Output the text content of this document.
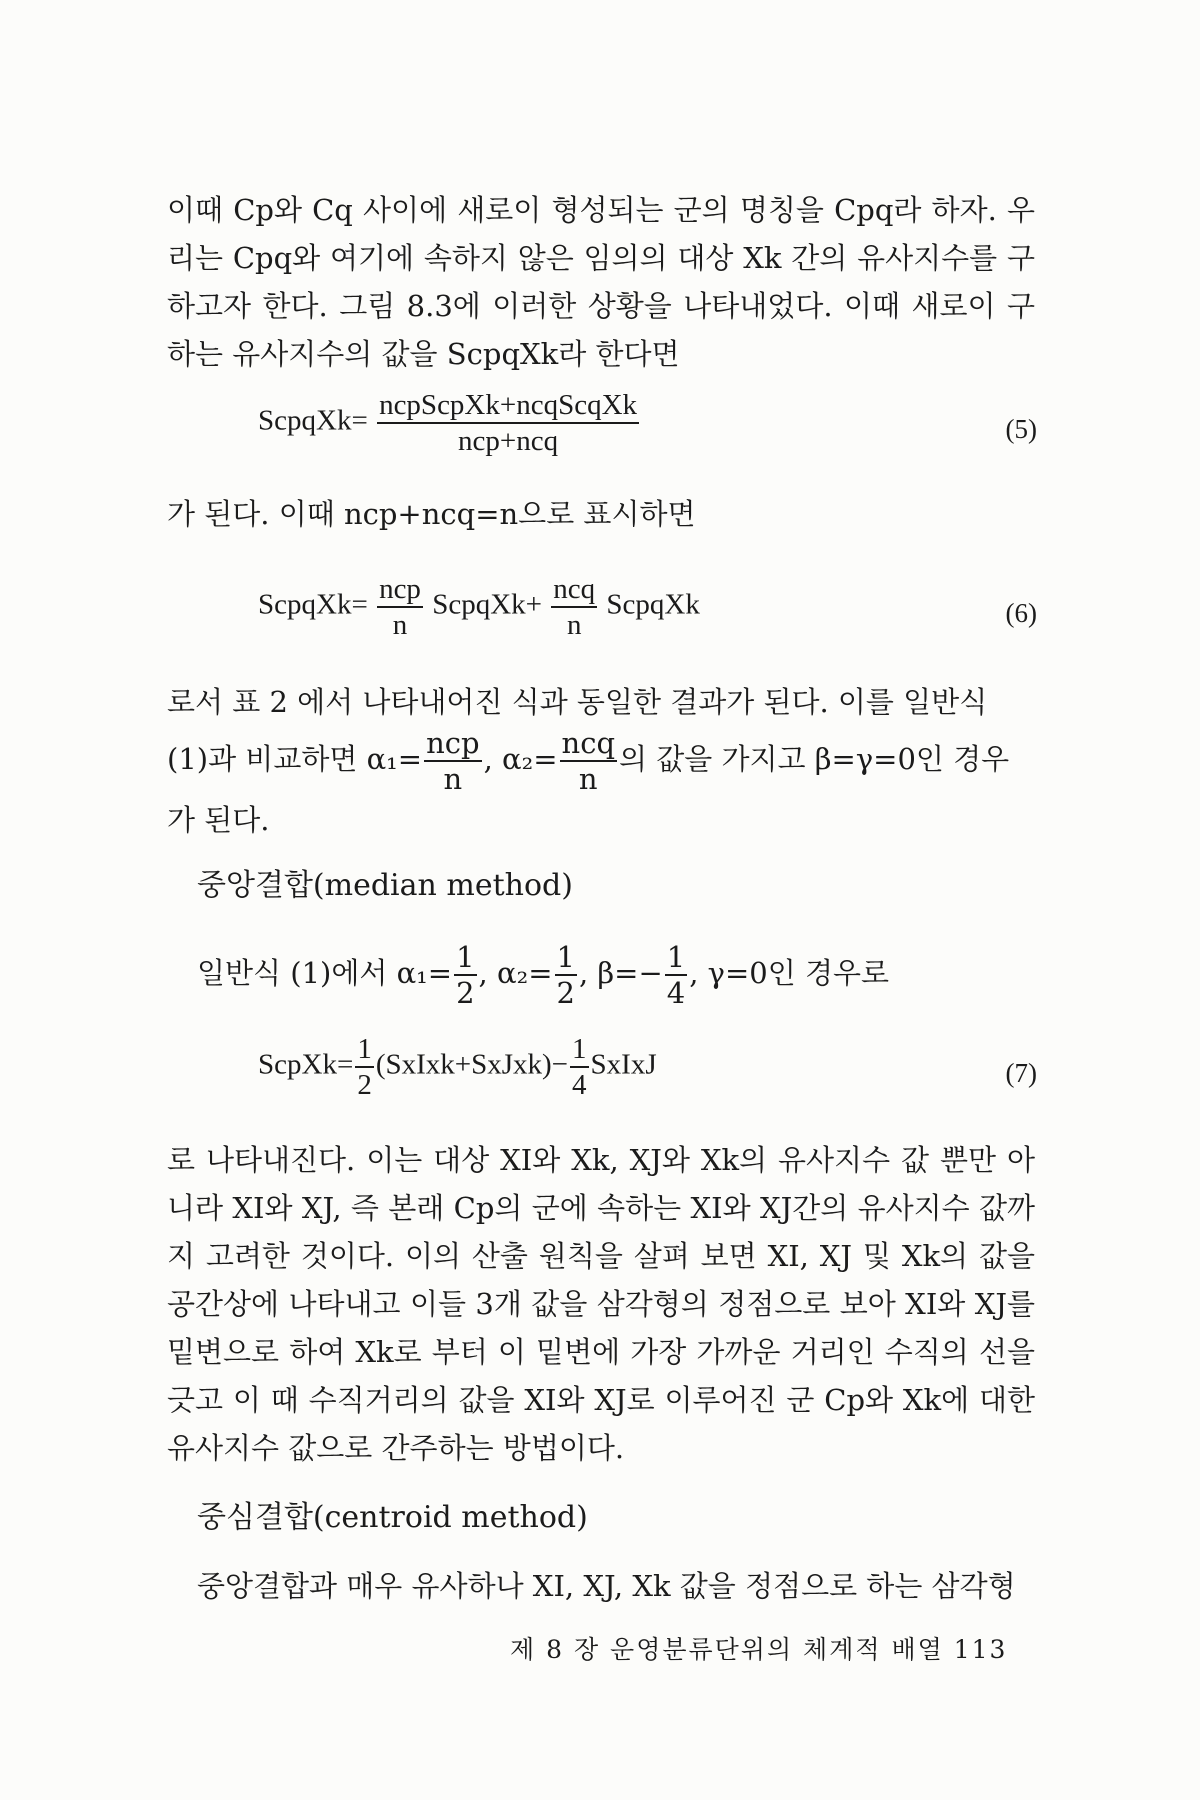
이때 Cp와 Cq 사이에 새로이 형성되는 군의 명칭을 Cpq라 하자. 우리는 Cpq와 여기에 속하지 않은 임의의 대상 Xk 간의 유사지수를 구하고자 한다. 그림 8.3에 이러한 상황을 나타내었다. 이때 새로이 구하는 유사지수의 값을 ScpqXk라 한다면
ScpqXk= $\frac{\text{ncpScpXk+ncqScqXk}}{\text{ncp+ncq}}$	(5)
가 된다. 이때 ncp+ncq=n으로 표시하면
ScpqXk= $\frac{\text{ncp}}{n}$ ScpqXk+ $\frac{\text{ncq}}{n}$ ScpqXk	(6)
로서 표 2 에서 나타내어진 식과 동일한 결과가 된다. 이를 일반식
(1)과 비교하면 $\alpha_1= \frac{\text{ncp}}{n}$ , $\alpha_2= \frac{\text{ncq}}{n}$ 의 값을 가지고 β=γ=0인 경우
가 된다.
중앙결합(median method)
일반식 (1)에서 $\alpha_1= \frac{1}{2}$ , $\alpha_2= \frac{1}{2}$ , $\beta=- \frac{1}{4}$ , γ=0인 경우로
ScpXk= $\frac{1}{2}$ (SxIxk+SxJxk)− $\frac{1}{4}$ SxIxJ	(7)
로 나타내진다. 이는 대상 XI와 Xk, XJ와 Xk의 유사지수 값 뿐만 아니라 XI와 XJ, 즉 본래 Cp의 군에 속하는 XI와 XJ간의 유사지수 값까지 고려한 것이다. 이의 산출 원칙을 살펴 보면 XI, XJ 및 Xk의 값을 공간상에 나타내고 이들 3개 값을 삼각형의 정점으로 보아 XI와 XJ를 밑변으로 하여 Xk로 부터 이 밑변에 가장 가까운 거리인 수직의 선을 긋고 이 때 수직거리의 값을 XI와 XJ로 이루어진 군 Cp와 Xk에 대한 유사지수 값으로 간주하는 방법이다.
중심결합(centroid method)
중앙결합과 매우 유사하나 XI, XJ, Xk 값을 정점으로 하는 삼각형
제 8 장 운영분류단위의 체계적 배열 113
